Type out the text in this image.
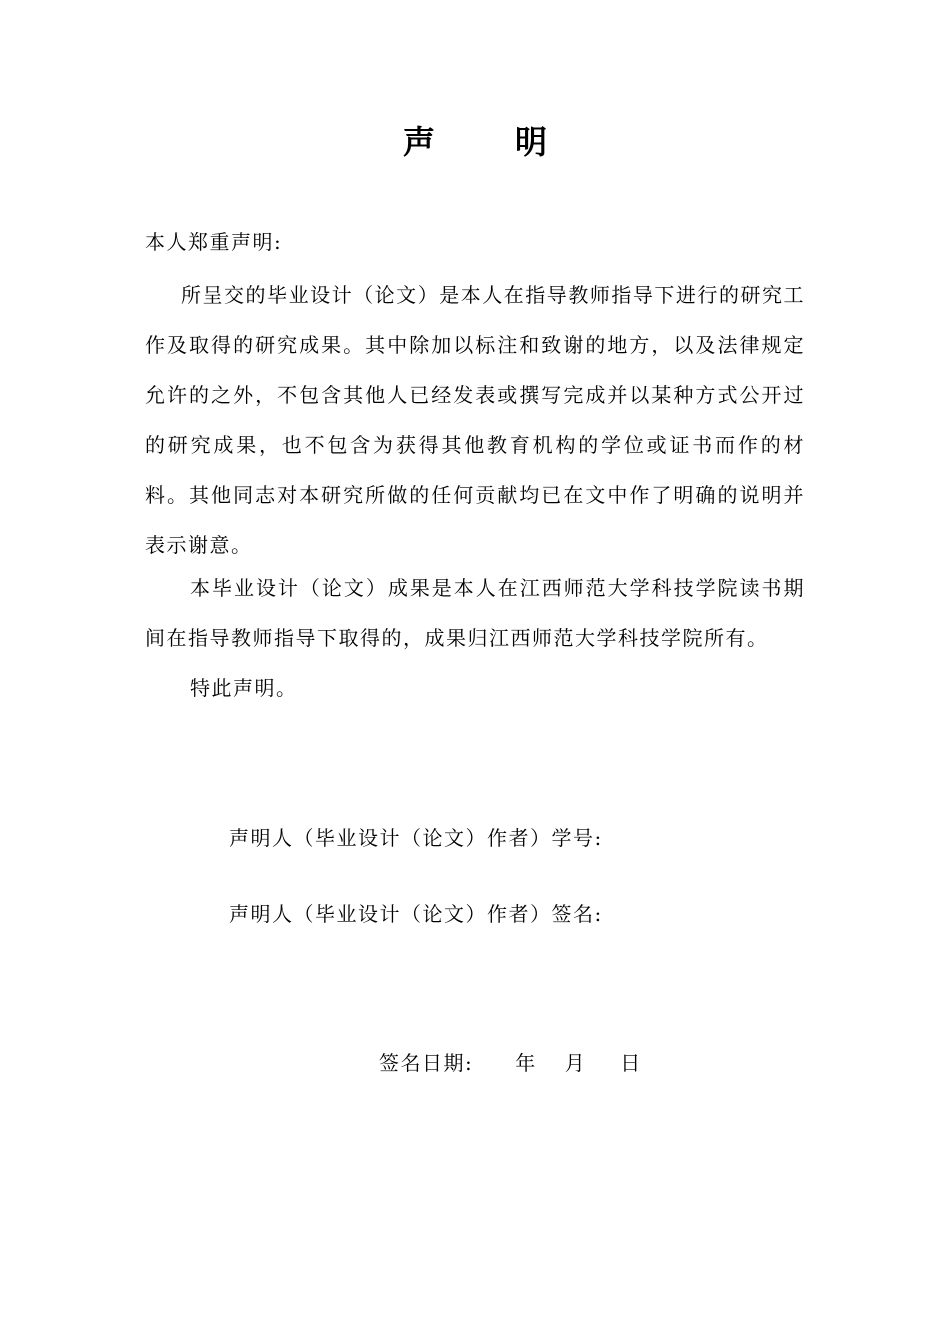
声	明
本人郑重声明:

所呈交的毕业设计（论文）是本人在指导教师指导下进行的研究工作及取得的研究成果。其中除加以标注和致谢的地方，以及法律规定允许的之外，不包含其他人已经发表或撰写完成并以某种方式公开过的研究成果，也不包含为获得其他教育机构的学位或证书而作的材料。其他同志对本研究所做的任何贡献均已在文中作了明确的说明并表示谢意。

本毕业设计（论文）成果是本人在江西师范大学科技学院读书期间在指导教师指导下取得的，成果归江西师范大学科技学院所有。

特此声明。

声明人（毕业设计（论文）作者）学号:
声明人（毕业设计（论文）作者）签名:
签名日期: 年 月 日
